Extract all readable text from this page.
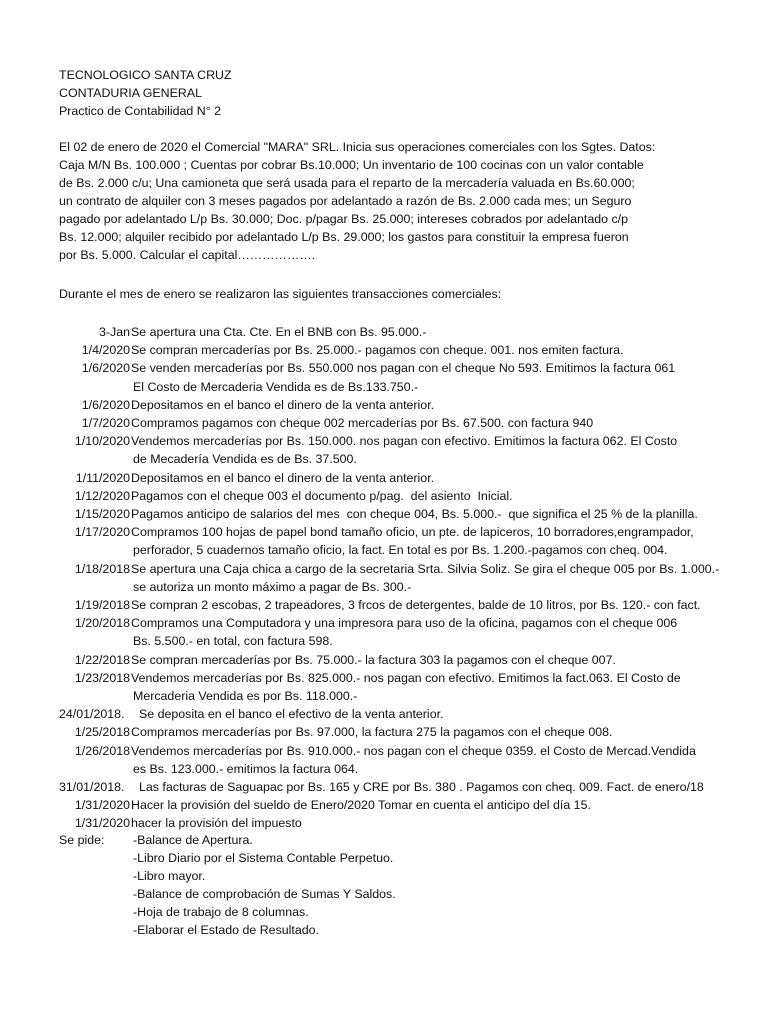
TECNOLOGICO SANTA CRUZ
CONTADURIA GENERAL
Practico de Contabilidad N° 2
El 02 de enero de 2020 el Comercial "MARA" SRL. Inicia sus operaciones comerciales con los Sgtes. Datos:
Caja M/N Bs. 100.000 ; Cuentas por cobrar Bs.10.000; Un inventario de 100 cocinas con un valor contable
de Bs. 2.000 c/u; Una camioneta que será usada para el reparto de la mercadería valuada en Bs.60.000;
un contrato de alquiler con 3 meses pagados por adelantado a razón de Bs. 2.000 cada mes; un Seguro
pagado por adelantado L/p Bs. 30.000; Doc. p/pagar Bs. 25.000; intereses cobrados por adelantado c/p
Bs. 12.000; alquiler recibido por adelantado L/p Bs. 29.000; los gastos para constituir la empresa fueron
por Bs. 5.000. Calcular el capital……………….
Durante el mes de enero se realizaron las siguientes transacciones comerciales:
3-Jan Se apertura una Cta. Cte. En el BNB con Bs. 95.000.-
1/4/2020 Se compran mercaderías por Bs. 25.000.- pagamos con cheque. 001. nos emiten factura.
1/6/2020 Se venden mercaderías por Bs. 550.000 nos pagan con el cheque No 593. Emitimos la factura 061
El Costo de Mercaderia Vendida es de Bs.133.750.-
1/6/2020 Depositamos en el banco el dinero de la venta anterior.
1/7/2020 Compramos pagamos con cheque 002 mercaderías por Bs. 67.500. con factura 940
1/10/2020 Vendemos mercaderías por Bs. 150.000. nos pagan con efectivo. Emitimos la factura 062. El Costo
de Mecadería Vendida es de Bs. 37.500.
1/11/2020 Depositamos en el banco el dinero de la venta anterior.
1/12/2020 Pagamos con el cheque 003 el documento p/pag.  del asiento  Inicial.
1/15/2020 Pagamos anticipo de salarios del mes  con cheque 004, Bs. 5.000.-  que significa el 25 % de la planilla.
1/17/2020 Compramos 100 hojas de papel bond tamaño oficio, un pte. de lapiceros, 10 borradores,engrampador,
perforador, 5 cuadernos tamaño oficio, la fact. En total es por Bs. 1.200.-pagamos con cheq. 004.
1/18/2018 Se apertura una Caja chica a cargo de la secretaria Srta. Silvia Soliz. Se gira el cheque 005 por Bs. 1.000.-
se autoriza un monto máximo a pagar de Bs. 300.-
1/19/2018 Se compran 2 escobas, 2 trapeadores, 3 frcos de detergentes, balde de 10 litros, por Bs. 120.- con fact.
1/20/2018 Compramos una Computadora y una impresora para uso de la oficina, pagamos con el cheque 006
Bs. 5.500.- en total, con factura 598.
1/22/2018 Se compran mercaderías por Bs. 75.000.- la factura 303 la pagamos con el cheque 007.
1/23/2018 Vendemos mercaderías por Bs. 825.000.- nos pagan con efectivo. Emitimos la fact.063. El Costo de
Mercaderia Vendida es por Bs. 118.000.-
24/01/2018. Se deposita en el banco el efectivo de la venta anterior.
1/25/2018 Compramos mercaderías por Bs. 97.000, la factura 275 la pagamos con el cheque 008.
1/26/2018 Vendemos mercaderías por Bs. 910.000.- nos pagan con el cheque 0359. el Costo de Mercad.Vendida
es Bs. 123.000.- emitimos la factura 064.
31/01/2018. Las facturas de Saguapac por Bs. 165 y CRE por Bs. 380 . Pagamos con cheq. 009. Fact. de enero/18
1/31/2020 Hacer la provisión del sueldo de Enero/2020 Tomar en cuenta el anticipo del día 15.
1/31/2020 hacer la provisión del impuesto
Se pide: -Balance de Apertura.
-Libro Diario por el Sistema Contable Perpetuo.
-Libro mayor.
-Balance de comprobación de Sumas Y Saldos.
-Hoja de trabajo de 8 columnas.
-Elaborar el Estado de Resultado.
